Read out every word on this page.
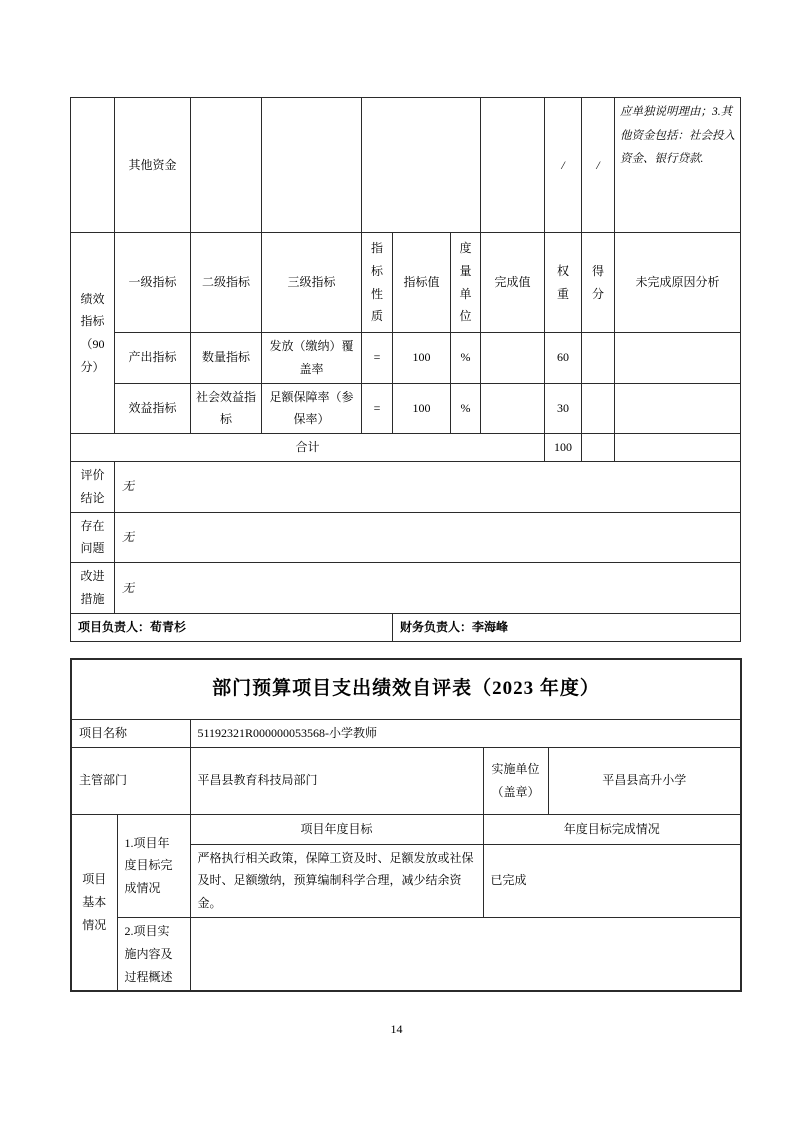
	其他资金							/	/	应单独说明理由；3.其他资金包括：社会投入资金、银行贷款.
绩效
指标
（90
分）	一级指标	二级指标	三级指标	指
标
性
质	指标值	度
量
单
位	完成值	权
重	得
分	未完成原因分析
	产出指标	数量指标	发放（缴纳）覆盖率	=	100	%		60		
	效益指标	社会效益指标	足额保障率（参保率）	=	100	%		30		
合计								100		
评价
结论	无									
存在
问题	无									
改进
措施	无									
项目负责人：荀青杉					财务负责人：李海峰					
部门预算项目支出绩效自评表（2023 年度）				
项目名称		51192321R000000053568-小学教师		
主管部门		平昌县教育科技局部门	实施单位
（盖章）	平昌县高升小学
项目
基本
情况	1.项目年
度目标完
成情况	项目年度目标	年度目标完成情况	
		严格执行相关政策，保障工资及时、足额发放或社保及时、足额缴纳，预算编制科学合理，减少结余资金。	已完成	
	2.项目实
施内容及
过程概述			
14
